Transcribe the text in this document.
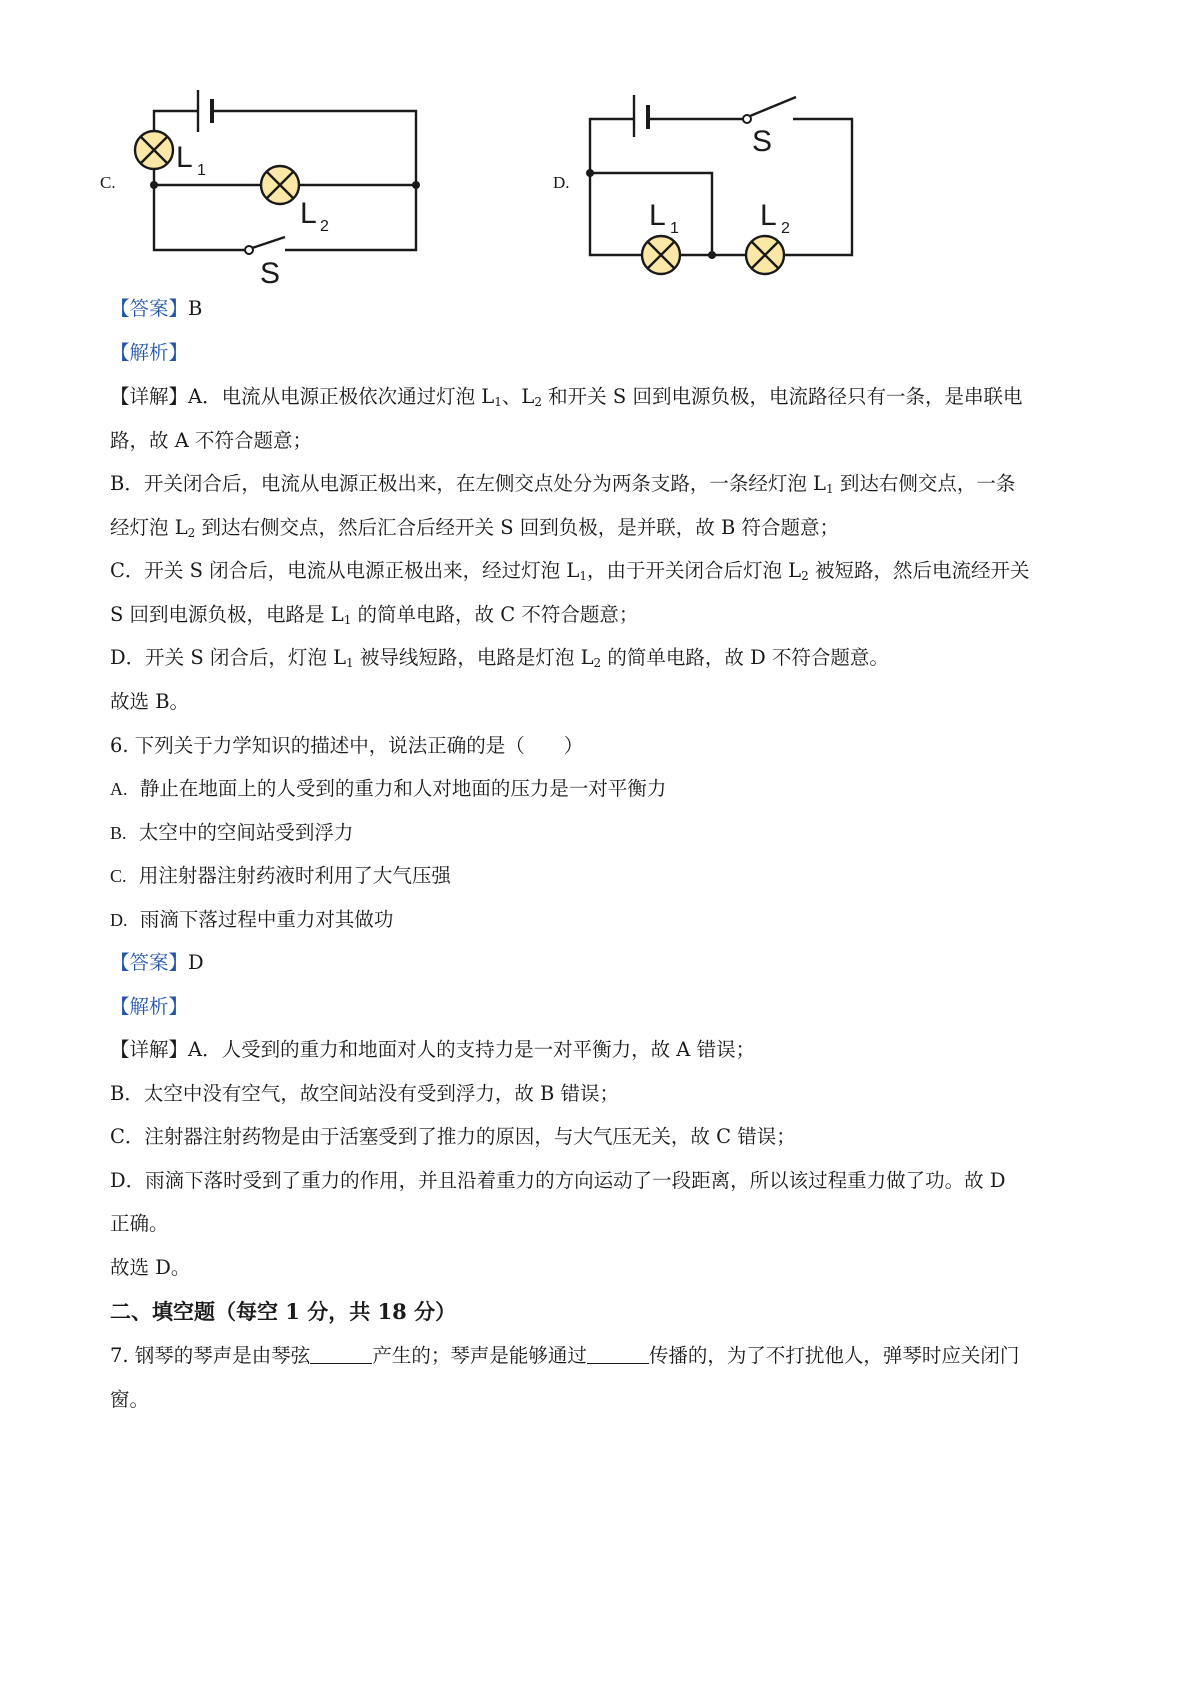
C.
L 1
L 2
S
D.
S
L 1	L 2
【答案】B
【解析】
【详解】A．电流从电源正极依次通过灯泡 $L_1$、$L_2$ 和开关 S 回到电源负极，电流路径只有一条，是串联电
路，故 A 不符合题意；
B．开关闭合后，电流从电源正极出来，在左侧交点处分为两条支路，一条经灯泡 $L_1$ 到达右侧交点，一条
经灯泡 $L_2$ 到达右侧交点，然后汇合后经开关 S 回到负极，是并联，故 B 符合题意；
C．开关 S 闭合后，电流从电源正极出来，经过灯泡 $L_1$，由于开关闭合后灯泡 $L_2$ 被短路，然后电流经开关
S 回到电源负极，电路是 $L_1$ 的简单电路，故 C 不符合题意；
D．开关 S 闭合后，灯泡 $L_1$ 被导线短路，电路是灯泡 $L_2$ 的简单电路，故 D 不符合题意。
故选 B。
6. 下列关于力学知识的描述中，说法正确的是（　　）
A. 静止在地面上的人受到的重力和人对地面的压力是一对平衡力
B. 太空中的空间站受到浮力
C. 用注射器注射药液时利用了大气压强
D. 雨滴下落过程中重力对其做功
【答案】D
【解析】
【详解】A．人受到的重力和地面对人的支持力是一对平衡力，故 A 错误；
B．太空中没有空气，故空间站没有受到浮力，故 B 错误；
C．注射器注射药物是由于活塞受到了推力的原因，与大气压无关，故 C 错误；
D．雨滴下落时受到了重力的作用，并且沿着重力的方向运动了一段距离，所以该过程重力做了功。故 D
正确。
故选 D。
二、填空题（每空 1 分，共 18 分）
7. 钢琴的琴声是由琴弦	产生的；琴声是能够通过	传播的，为了不打扰他人，弹琴时应关闭门
窗。
